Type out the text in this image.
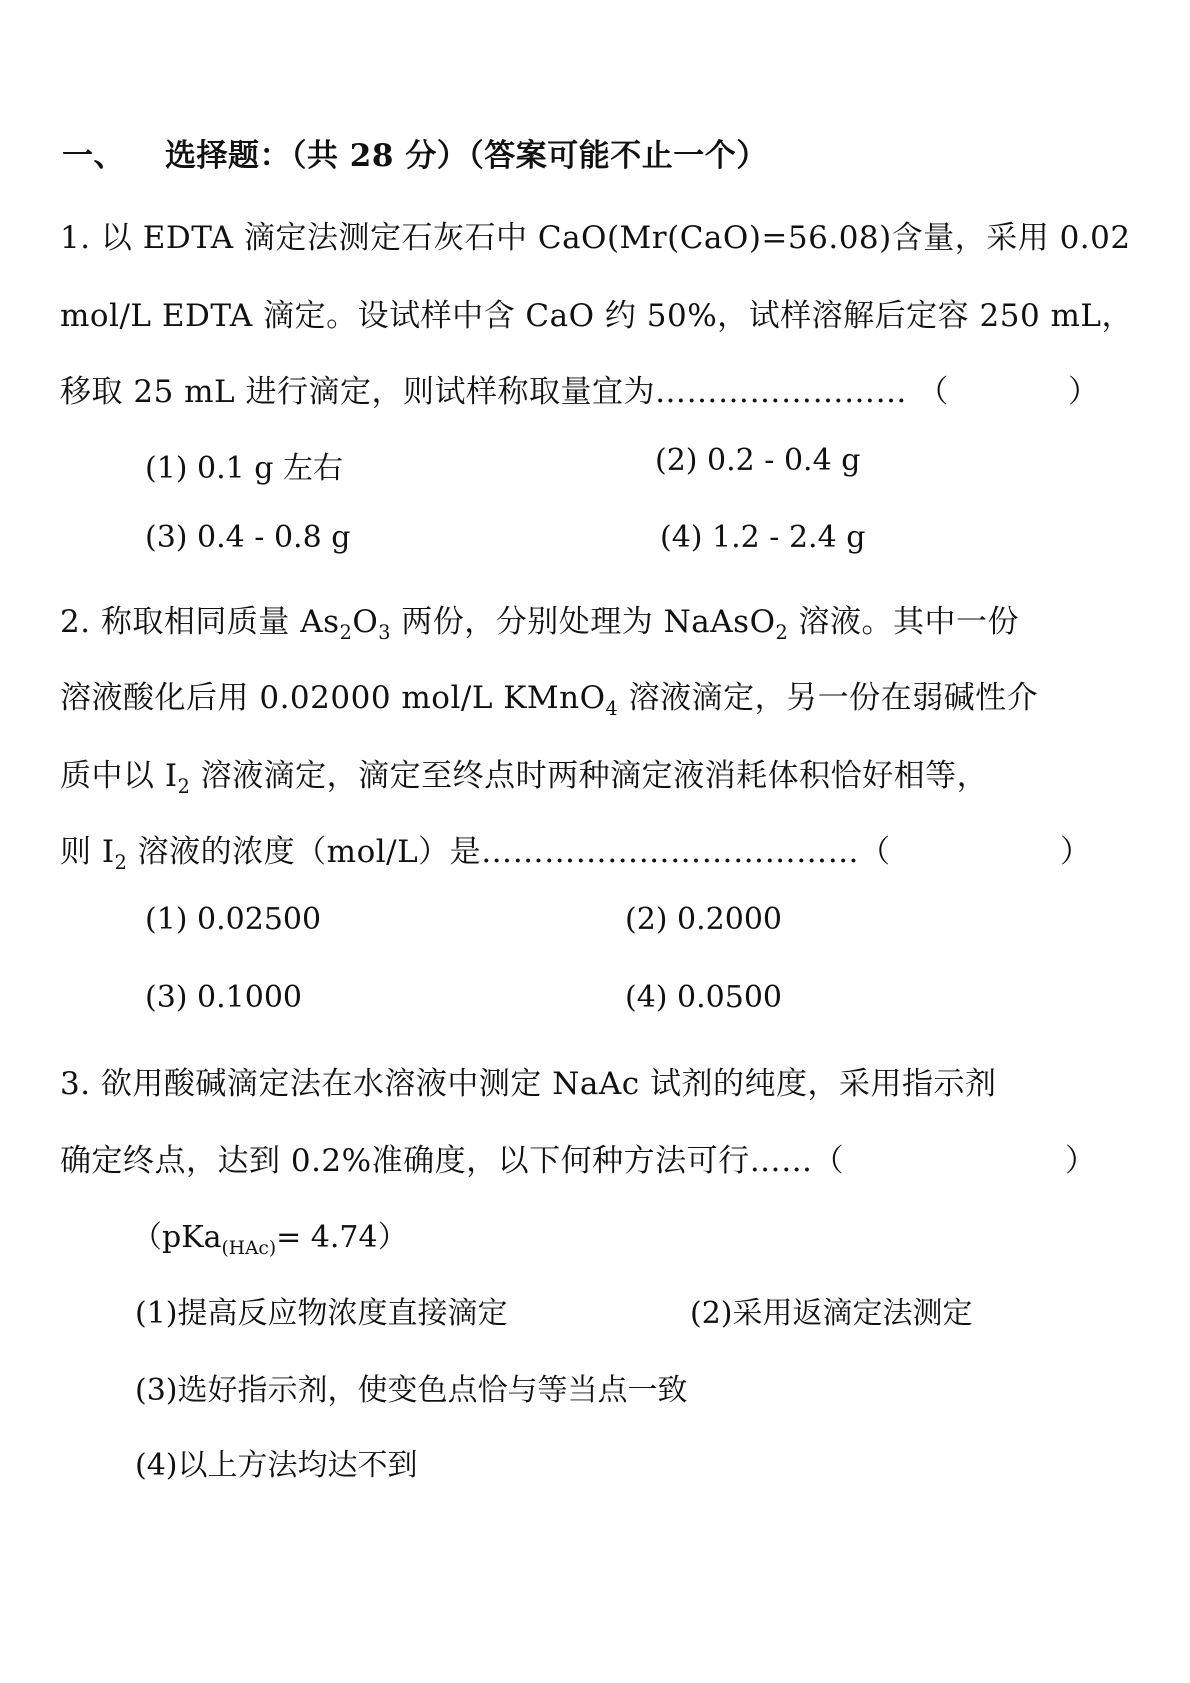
一、 选择题：（共 28 分）（答案可能不止一个）
1. 以 EDTA 滴定法测定石灰石中 CaO(Mr(CaO)=56.08)含量，采用 0.02
mol/L EDTA 滴定。设试样中含 CaO 约 50%，试样溶解后定容 250 mL，
移取 25 mL 进行滴定，则试样称取量宜为…………………… （	）
(1) 0.1 g 左右	(2) 0.2 - 0.4 g
(3) 0.4 - 0.8 g	(4) 1.2 - 2.4 g
2. 称取相同质量 $As_2O_3$ 两份，分别处理为 NaAsO$_2$ 溶液。其中一份
溶液酸化后用 0.02000 mol/L KMnO$_4$ 溶液滴定，另一份在弱碱性介
质中以 $I_2$ 溶液滴定，滴定至终点时两种滴定液消耗体积恰好相等，
则 $I_2$ 溶液的浓度（mol/L）是………………………………（	）
(1) 0.02500	(2) 0.2000
(3) 0.1000	(4) 0.0500
3. 欲用酸碱滴定法在水溶液中测定 NaAc 试剂的纯度，采用指示剂
确定终点，达到 0.2%准确度，以下何种方法可行……（	）
（pKa$_{(HAc)}$= 4.74）
(1)提高反应物浓度直接滴定	(2)采用返滴定法测定
(3)选好指示剂，使变色点恰与等当点一致
(4)以上方法均达不到
